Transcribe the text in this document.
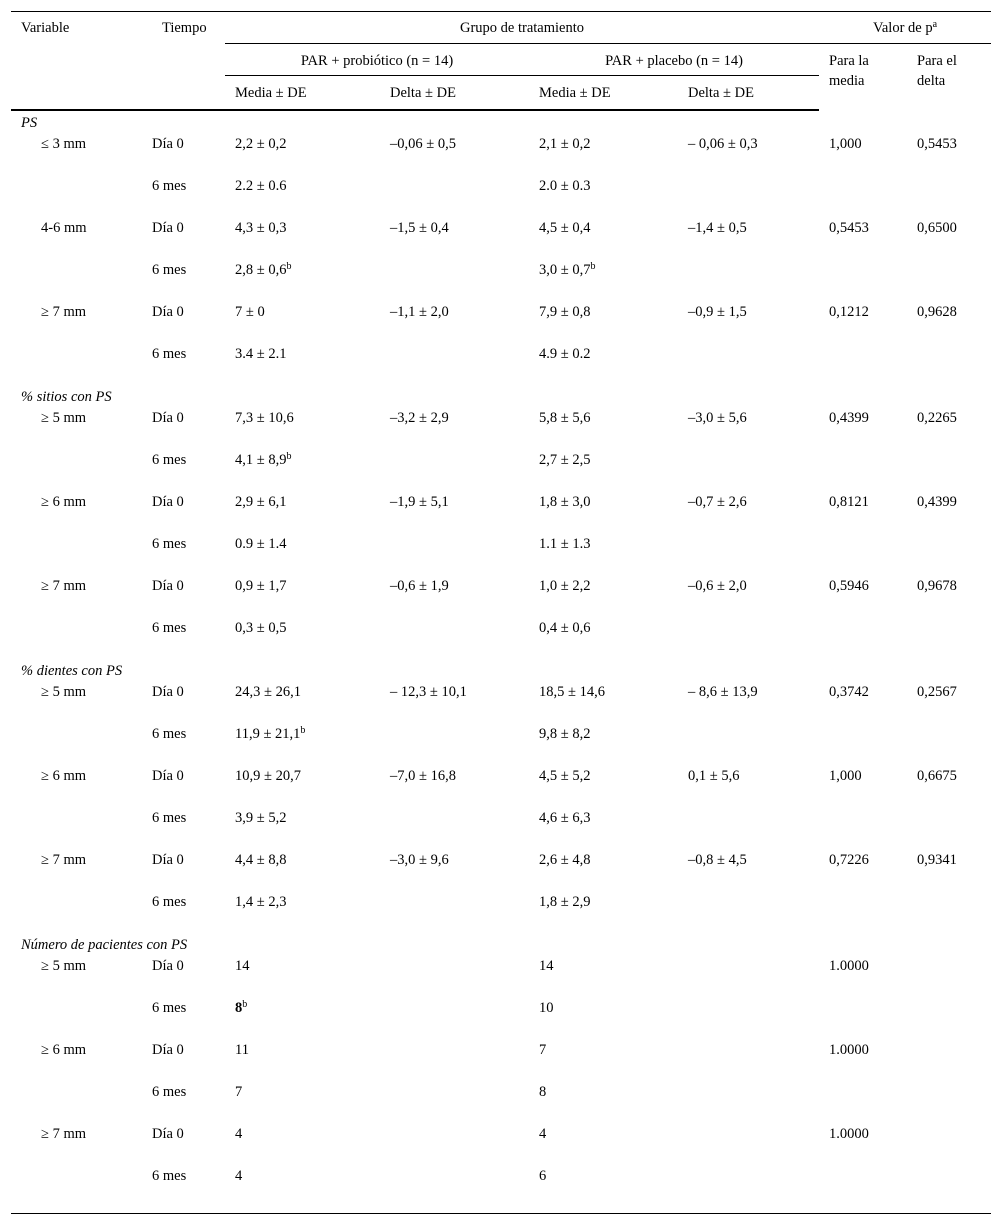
Variable	Tiempo	Grupo de tratamiento				Valor de $p^a$
		PAR + probiótico (n = 14)		PAR + placebo (n = 14)		Para la media	Para el delta
		Media ± DE	Delta ± DE	Media ± DE	Delta ± DE		
PS							
≤ 3 mm	Día 0	2,2 ± 0,2	–0,06 ± 0,5	2,1 ± 0,2	– 0,06 ± 0,3	1,000	0,5453
	6 mes	2.2 ± 0.6		2.0 ± 0.3			
4-6 mm	Día 0	4,3 ± 0,3	–1,5 ± 0,4	4,5 ± 0,4	–1,4 ± 0,5	0,5453	0,6500
	6 mes	2,8 ± 0,6$^b$		3,0 ± 0,7$^b$			
≥ 7 mm	Día 0	7 ± 0	–1,1 ± 2,0	7,9 ± 0,8	–0,9 ± 1,5	0,1212	0,9628
	6 mes	3.4 ± 2.1		4.9 ± 0.2			
% sitios con PS							
≥ 5 mm	Día 0	7,3 ± 10,6	–3,2 ± 2,9	5,8 ± 5,6	–3,0 ± 5,6	0,4399	0,2265
	6 mes	4,1 ± 8,9$^b$		2,7 ± 2,5			
≥ 6 mm	Día 0	2,9 ± 6,1	–1,9 ± 5,1	1,8 ± 3,0	–0,7 ± 2,6	0,8121	0,4399
	6 mes	0.9 ± 1.4		1.1 ± 1.3			
≥ 7 mm	Día 0	0,9 ± 1,7	–0,6 ± 1,9	1,0 ± 2,2	–0,6 ± 2,0	0,5946	0,9678
	6 mes	0,3 ± 0,5		0,4 ± 0,6			
% dientes con PS							
≥ 5 mm	Día 0	24,3 ± 26,1	– 12,3 ± 10,1	18,5 ± 14,6	– 8,6 ± 13,9	0,3742	0,2567
	6 mes	11,9 ± 21,1$^b$		9,8 ± 8,2			
≥ 6 mm	Día 0	10,9 ± 20,7	–7,0 ± 16,8	4,5 ± 5,2	0,1 ± 5,6	1,000	0,6675
	6 mes	3,9 ± 5,2		4,6 ± 6,3			
≥ 7 mm	Día 0	4,4 ± 8,8	–3,0 ± 9,6	2,6 ± 4,8	–0,8 ± 4,5	0,7226	0,9341
	6 mes	1,4 ± 2,3		1,8 ± 2,9			
Número de pacientes con PS							
≥ 5 mm	Día 0	14		14		1.0000	
	6 mes	8$^b$		10			
≥ 6 mm	Día 0	11		7		1.0000	
	6 mes	7		8			
≥ 7 mm	Día 0	4		4		1.0000	
	6 mes	4		6			
